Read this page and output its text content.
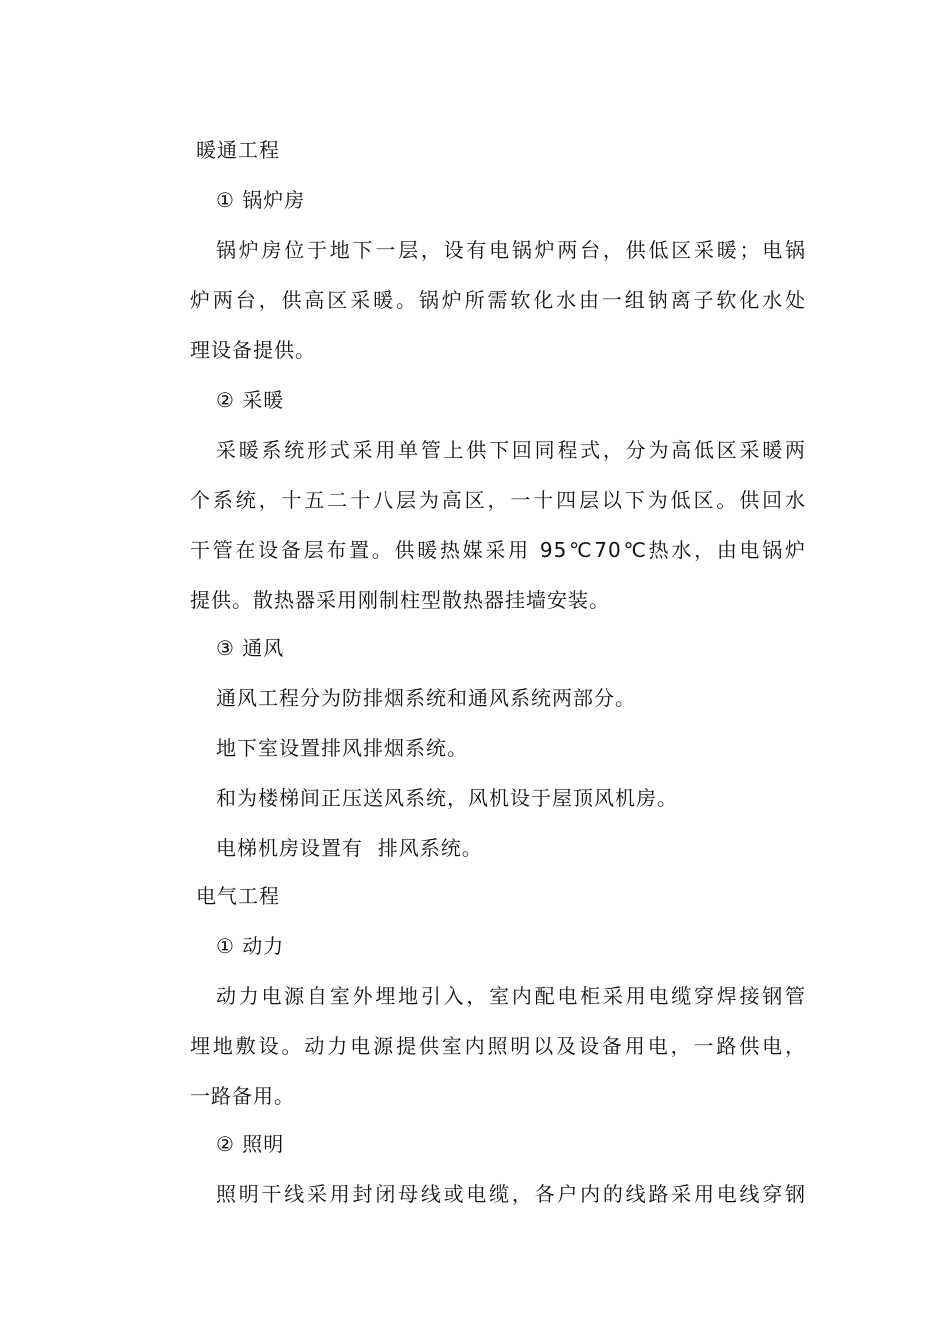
暖通工程
① 锅炉房
锅炉房位于地下一层，设有电锅炉两台，供低区采暖；电锅
炉两台，供高区采暖。锅炉所需软化水由一组钠离子软化水处
理设备提供。
② 采暖
采暖系统形式采用单管上供下回同程式，分为高低区采暖两
个系统，十五二十八层为高区，一十四层以下为低区。供回水
干管在设备层布置。供暖热媒采用 95℃70℃热水，由电锅炉
提供。散热器采用刚制柱型散热器挂墙安装。
③ 通风
通风工程分为防排烟系统和通风系统两部分。
地下室设置排风排烟系统。
和为楼梯间正压送风系统，风机设于屋顶风机房。
电梯机房设置有  排风系统。
电气工程
① 动力
动力电源自室外埋地引入，室内配电柜采用电缆穿焊接钢管
埋地敷设。动力电源提供室内照明以及设备用电，一路供电，
一路备用。
② 照明
照明干线采用封闭母线或电缆，各户内的线路采用电线穿钢
